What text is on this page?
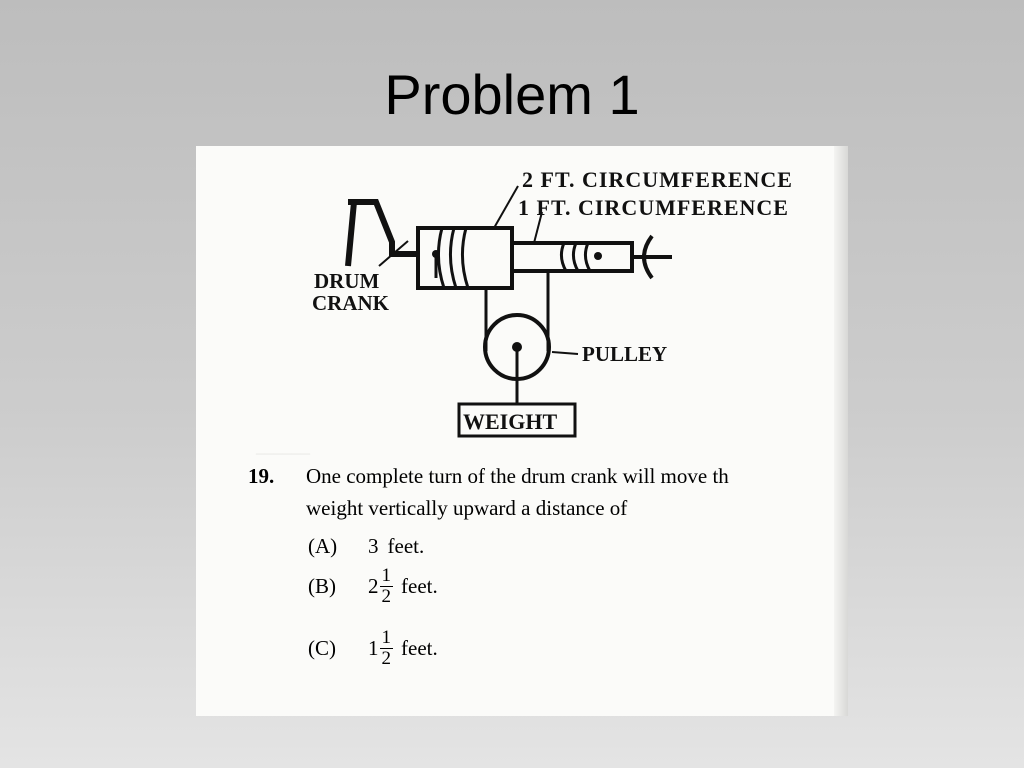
Problem 1
______
2 FT. CIRCUMFERENCE
1 FT. CIRCUMFERENCE
DRUM
CRANK
PULLEY
WEIGHT
19. One complete turn of the drum crank will move th
weight vertically upward a distance of
(A)	3 feet.
(B)	$2 \frac{1}{2}$ feet.
(C)	$1 \frac{1}{2}$ feet.
